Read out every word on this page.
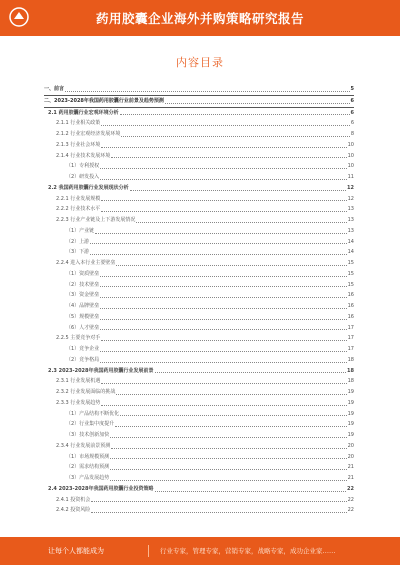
药用胶囊企业海外并购策略研究报告
内容目录
一、前言	5
二、2023-2028年我国药用胶囊行业前景及趋势预测	6
2.1 药用胶囊行业宏观环境分析	6
2.1.1 行业相关政策	6
2.1.2 行业宏观经济发展环境	8
2.1.3 行业社会环境	10
2.1.4 行业技术发展环境	10
（1）专利授权	10
（2）研发投入	11
2.2 我国药用胶囊行业发展现状分析	12
2.2.1 行业发展规模	12
2.2.2 行业技术水平	13
2.2.3 行业产业链及上下游发展情况	13
（1）产业链	13
（2）上游	14
（3）下游	14
2.2.4 进入本行业主要壁垒	15
（1）资质壁垒	15
（2）技术壁垒	15
（3）资金壁垒	16
（4）品牌壁垒	16
（5）规模壁垒	16
（6）人才壁垒	17
2.2.5 主要竞争对手	17
（1）竞争企业	17
（2）竞争格局	18
2.3 2023-2028年我国药用胶囊行业发展前景	18
2.3.1 行业发展机遇	18
2.3.2 行业发展面临的挑战	19
2.3.3 行业发展趋势	19
（1）产品结构不断优化	19
（2）行业集中度提升	19
（3）技术创新加快	19
2.3.4 行业发展前景预测	20
（1）市场规模预测	20
（2）需求结构预测	21
（3）产品发展趋势	21
2.4 2023-2028年我国药用胶囊行业投资策略	22
2.4.1 投资机会	22
2.4.2 投资风险	22
让每个人都能成为	行业专家，管理专家，营销专家，战略专家，成功企业家……
